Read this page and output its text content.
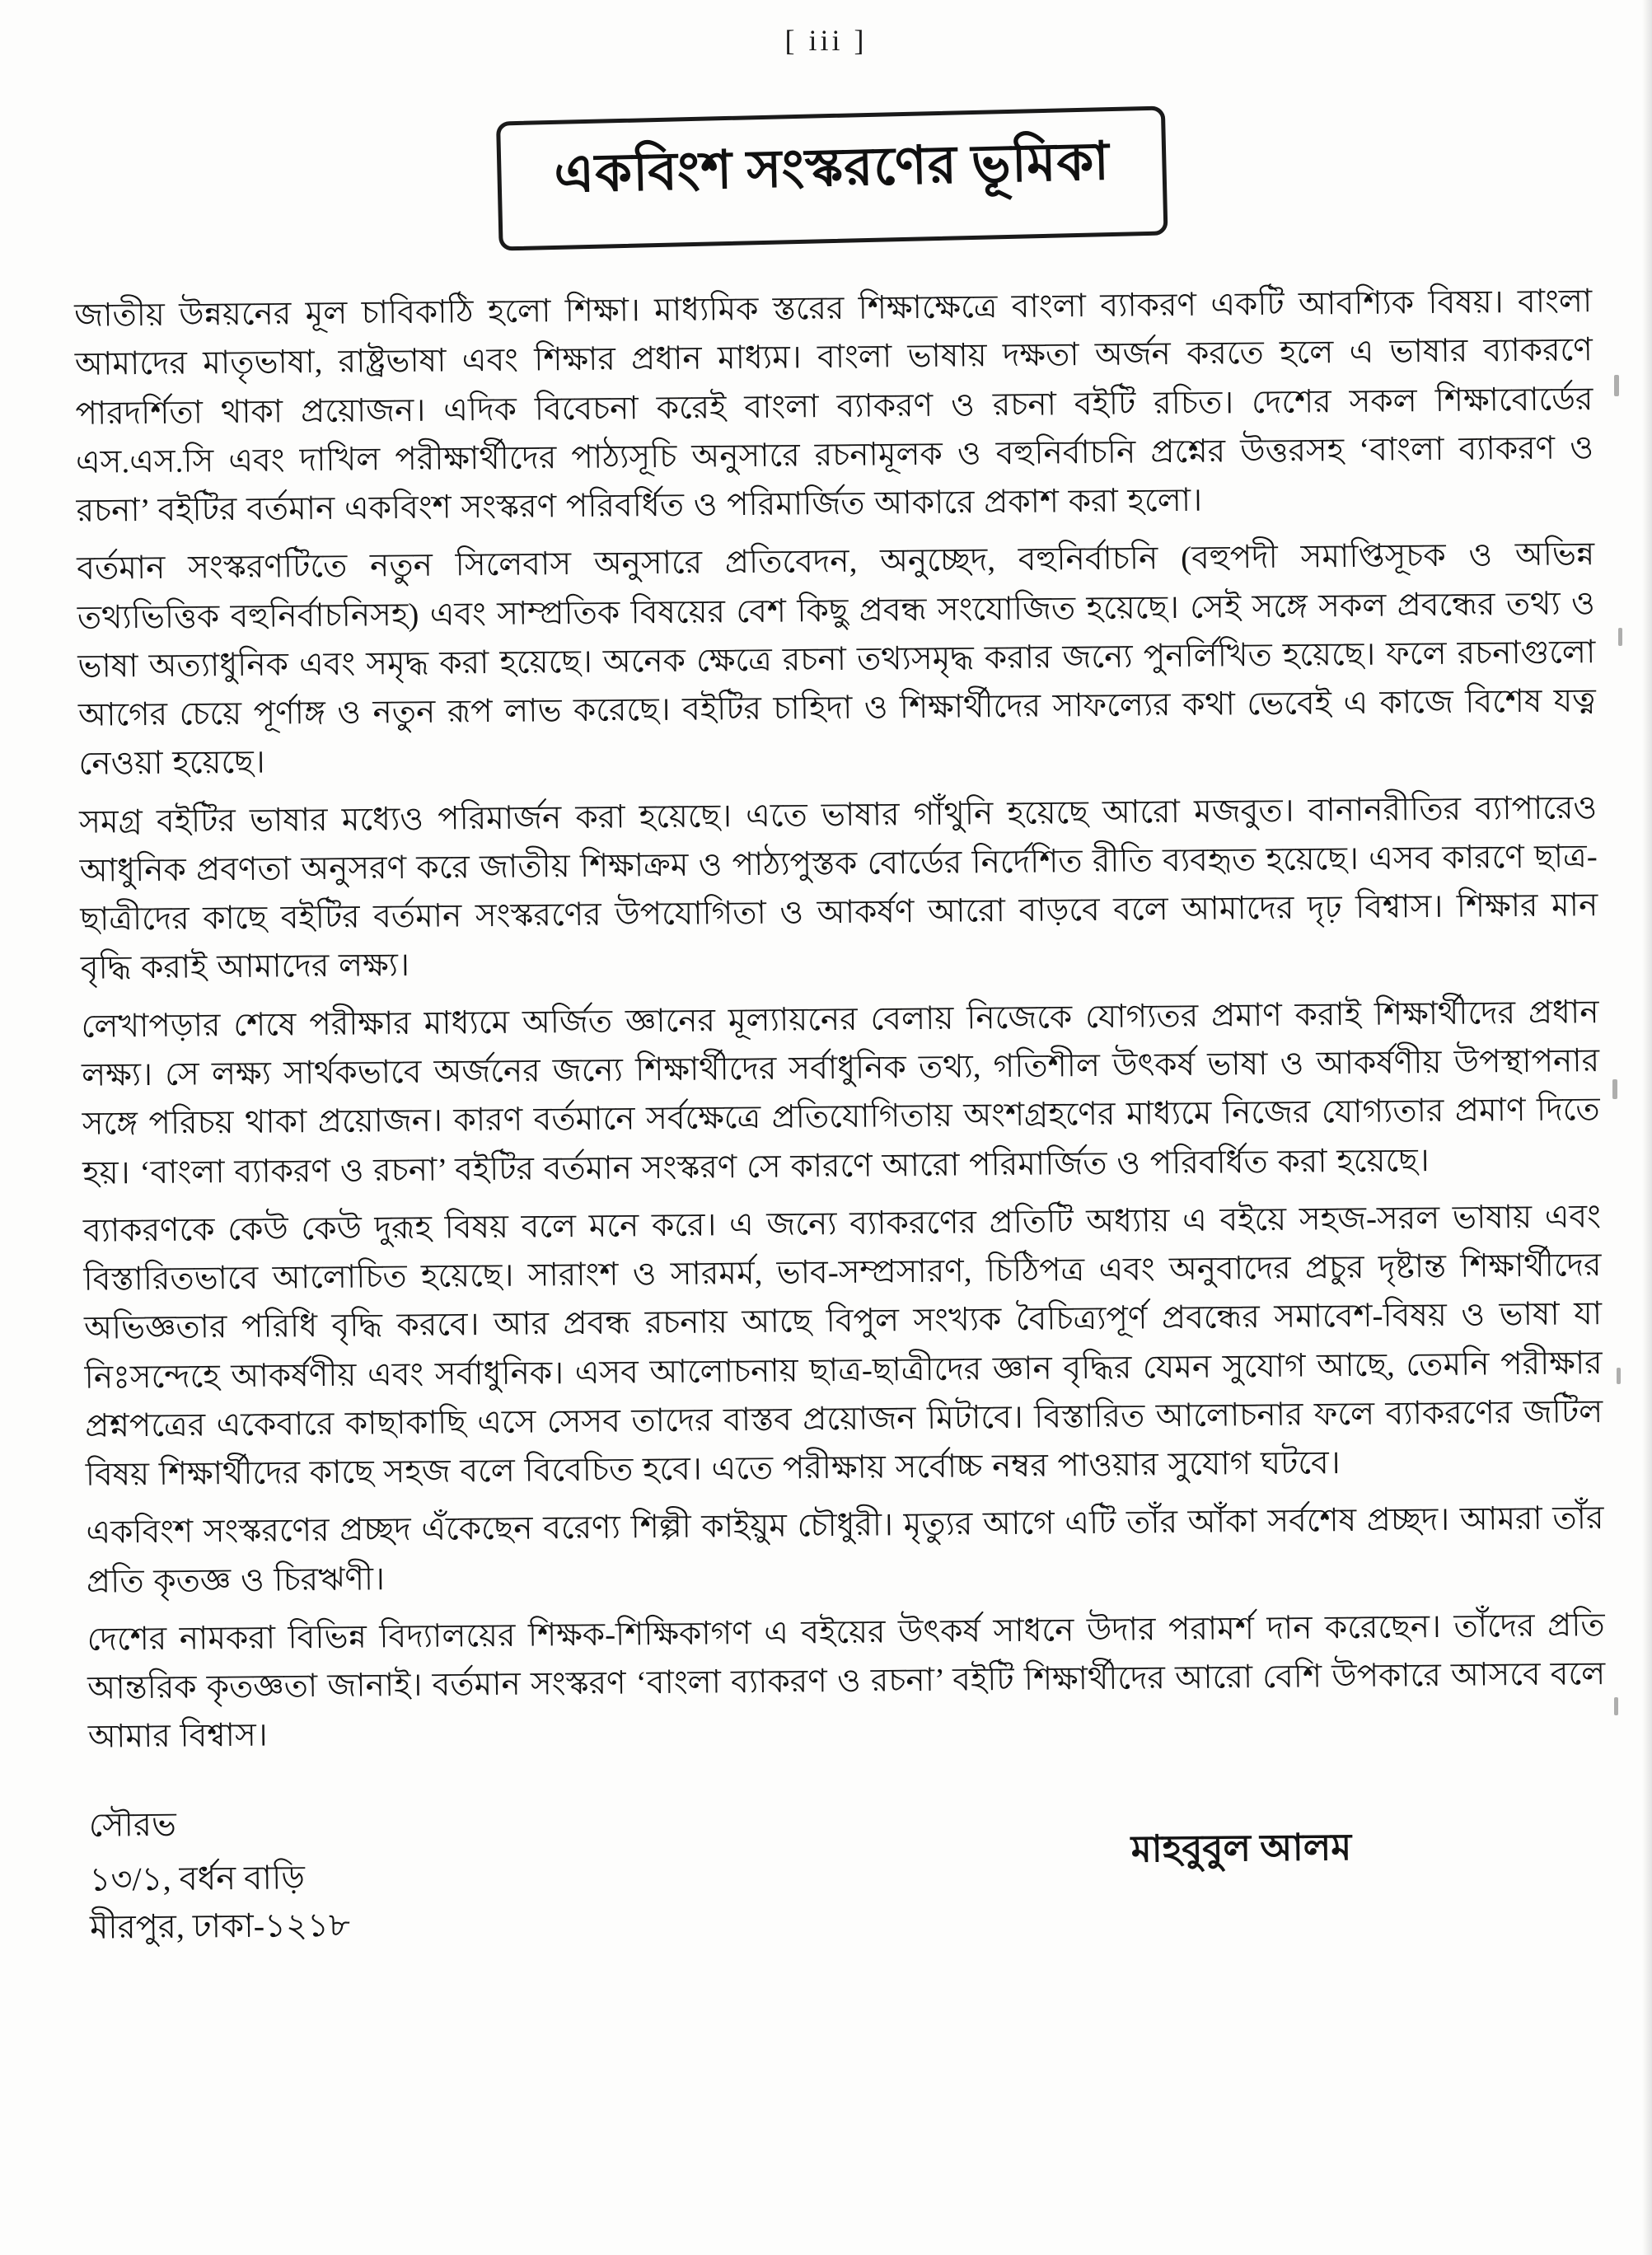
[ iii ]
একবিংশ সংস্করণের ভূমিকা

জাতীয় উন্নয়নের মূল চাবিকাঠি হলো শিক্ষা। মাধ্যমিক স্তরের শিক্ষাক্ষেত্রে বাংলা ব্যাকরণ একটি আবশ্যিক বিষয়। বাংলা আমাদের মাতৃভাষা, রাষ্ট্রভাষা এবং শিক্ষার প্রধান মাধ্যম। বাংলা ভাষায় দক্ষতা অর্জন করতে হলে এ ভাষার ব্যাকরণে পারদর্শিতা থাকা প্রয়োজন। এদিক বিবেচনা করেই বাংলা ব্যাকরণ ও রচনা বইটি রচিত। দেশের সকল শিক্ষাবোর্ডের এস.এস.সি এবং দাখিল পরীক্ষার্থীদের পাঠ্যসূচি অনুসারে রচনামূলক ও বহুনির্বাচনি প্রশ্নের উত্তরসহ ‘বাংলা ব্যাকরণ ও রচনা’ বইটির বর্তমান একবিংশ সংস্করণ পরিবর্ধিত ও পরিমার্জিত আকারে প্রকাশ করা হলো।

বর্তমান সংস্করণটিতে নতুন সিলেবাস অনুসারে প্রতিবেদন, অনুচ্ছেদ, বহুনির্বাচনি (বহুপদী সমাপ্তিসূচক ও অভিন্ন তথ্যভিত্তিক বহুনির্বাচনিসহ) এবং সাম্প্রতিক বিষয়ের বেশ কিছু প্রবন্ধ সংযোজিত হয়েছে। সেই সঙ্গে সকল প্রবন্ধের তথ্য ও ভাষা অত্যাধুনিক এবং সমৃদ্ধ করা হয়েছে। অনেক ক্ষেত্রে রচনা তথ্যসমৃদ্ধ করার জন্যে পুনর্লিখিত হয়েছে। ফলে রচনাগুলো আগের চেয়ে পূর্ণাঙ্গ ও নতুন রূপ লাভ করেছে। বইটির চাহিদা ও শিক্ষার্থীদের সাফল্যের কথা ভেবেই এ কাজে বিশেষ যত্ন নেওয়া হয়েছে।

সমগ্র বইটির ভাষার মধ্যেও পরিমার্জন করা হয়েছে। এতে ভাষার গাঁথুনি হয়েছে আরো মজবুত। বানানরীতির ব্যাপারেও আধুনিক প্রবণতা অনুসরণ করে জাতীয় শিক্ষাক্রম ও পাঠ্যপুস্তক বোর্ডের নির্দেশিত রীতি ব্যবহৃত হয়েছে। এসব কারণে ছাত্র-ছাত্রীদের কাছে বইটির বর্তমান সংস্করণের উপযোগিতা ও আকর্ষণ আরো বাড়বে বলে আমাদের দৃঢ় বিশ্বাস। শিক্ষার মান বৃদ্ধি করাই আমাদের লক্ষ্য।

লেখাপড়ার শেষে পরীক্ষার মাধ্যমে অর্জিত জ্ঞানের মূল্যায়নের বেলায় নিজেকে যোগ্যতর প্রমাণ করাই শিক্ষার্থীদের প্রধান লক্ষ্য। সে লক্ষ্য সার্থকভাবে অর্জনের জন্যে শিক্ষার্থীদের সর্বাধুনিক তথ্য, গতিশীল উৎকর্ষ ভাষা ও আকর্ষণীয় উপস্থাপনার সঙ্গে পরিচয় থাকা প্রয়োজন। কারণ বর্তমানে সর্বক্ষেত্রে প্রতিযোগিতায় অংশগ্রহণের মাধ্যমে নিজের যোগ্যতার প্রমাণ দিতে হয়। ‘বাংলা ব্যাকরণ ও রচনা’ বইটির বর্তমান সংস্করণ সে কারণে আরো পরিমার্জিত ও পরিবর্ধিত করা হয়েছে।

ব্যাকরণকে কেউ কেউ দুরূহ বিষয় বলে মনে করে। এ জন্যে ব্যাকরণের প্রতিটি অধ্যায় এ বইয়ে সহজ-সরল ভাষায় এবং বিস্তারিতভাবে আলোচিত হয়েছে। সারাংশ ও সারমর্ম, ভাব-সম্প্রসারণ, চিঠিপত্র এবং অনুবাদের প্রচুর দৃষ্টান্ত শিক্ষার্থীদের অভিজ্ঞতার পরিধি বৃদ্ধি করবে। আর প্রবন্ধ রচনায় আছে বিপুল সংখ্যক বৈচিত্র্যপূর্ণ প্রবন্ধের সমাবেশ-বিষয় ও ভাষা যা নিঃসন্দেহে আকর্ষণীয় এবং সর্বাধুনিক। এসব আলোচনায় ছাত্র-ছাত্রীদের জ্ঞান বৃদ্ধির যেমন সুযোগ আছে, তেমনি পরীক্ষার প্রশ্নপত্রের একেবারে কাছাকাছি এসে সেসব তাদের বাস্তব প্রয়োজন মিটাবে। বিস্তারিত আলোচনার ফলে ব্যাকরণের জটিল বিষয় শিক্ষার্থীদের কাছে সহজ বলে বিবেচিত হবে। এতে পরীক্ষায় সর্বোচ্চ নম্বর পাওয়ার সুযোগ ঘটবে।

একবিংশ সংস্করণের প্রচ্ছদ এঁকেছেন বরেণ্য শিল্পী কাইয়ুম চৌধুরী। মৃত্যুর আগে এটি তাঁর আঁকা সর্বশেষ প্রচ্ছদ। আমরা তাঁর প্রতি কৃতজ্ঞ ও চিরঋণী।

দেশের নামকরা বিভিন্ন বিদ্যালয়ের শিক্ষক-শিক্ষিকাগণ এ বইয়ের উৎকর্ষ সাধনে উদার পরামর্শ দান করেছেন। তাঁদের প্রতি আন্তরিক কৃতজ্ঞতা জানাই। বর্তমান সংস্করণ ‘বাংলা ব্যাকরণ ও রচনা’ বইটি শিক্ষার্থীদের আরো বেশি উপকারে আসবে বলে আমার বিশ্বাস।

সৌরভ
১৩/১, বর্ধন বাড়ি
মীরপুর, ঢাকা-১২১৮
মাহবুবুল আলম
